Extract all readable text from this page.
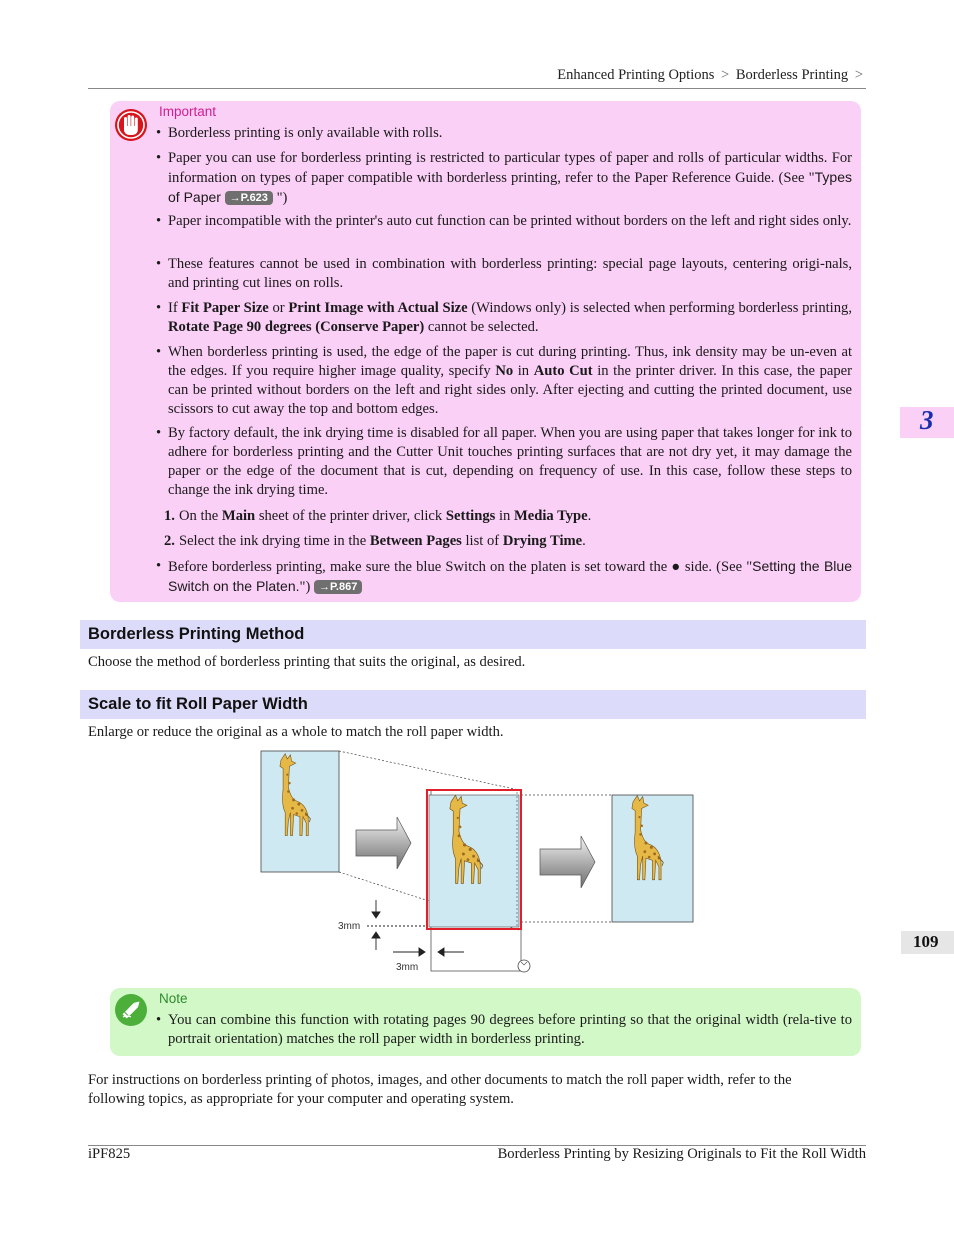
Enhanced Printing Options > Borderless Printing >
Important
• Borderless printing is only available with rolls.
• Paper you can use for borderless printing is restricted to particular types of paper and rolls of particular widths. For information on types of paper compatible with borderless printing, refer to the Paper Reference Guide. (See "Types of Paper →P.623 ")
• Paper incompatible with the printer's auto cut function can be printed without borders on the left and right sides only.
• These features cannot be used in combination with borderless printing: special page layouts, centering origi-nals, and printing cut lines on rolls.
• If Fit Paper Size or Print Image with Actual Size (Windows only) is selected when performing borderless printing, Rotate Page 90 degrees (Conserve Paper) cannot be selected.
• When borderless printing is used, the edge of the paper is cut during printing. Thus, ink density may be un-even at the edges. If you require higher image quality, specify No in Auto Cut in the printer driver. In this case, the paper can be printed without borders on the left and right sides only. After ejecting and cutting the printed document, use scissors to cut away the top and bottom edges.
• By factory default, the ink drying time is disabled for all paper. When you are using paper that takes longer for ink to adhere for borderless printing and the Cutter Unit touches printing surfaces that are not dry yet, it may damage the paper or the edge of the document that is cut, depending on frequency of use. In this case, follow these steps to change the ink drying time.
1. On the Main sheet of the printer driver, click Settings in Media Type.
2. Select the ink drying time in the Between Pages list of Drying Time.
• Before borderless printing, make sure the blue Switch on the platen is set toward the ● side. (See "Setting the Blue Switch on the Platen.") →P.867
Borderless Printing Method
Choose the method of borderless printing that suits the original, as desired.
Scale to fit Roll Paper Width
Enlarge or reduce the original as a whole to match the roll paper width.
3mm
3mm
Note
• You can combine this function with rotating pages 90 degrees before printing so that the original width (rela-tive to portrait orientation) matches the roll paper width in borderless printing.
For instructions on borderless printing of photos, images, and other documents to match the roll paper width, refer to the following topics, as appropriate for your computer and operating system.
3
109
iPF825	Borderless Printing by Resizing Originals to Fit the Roll Width
